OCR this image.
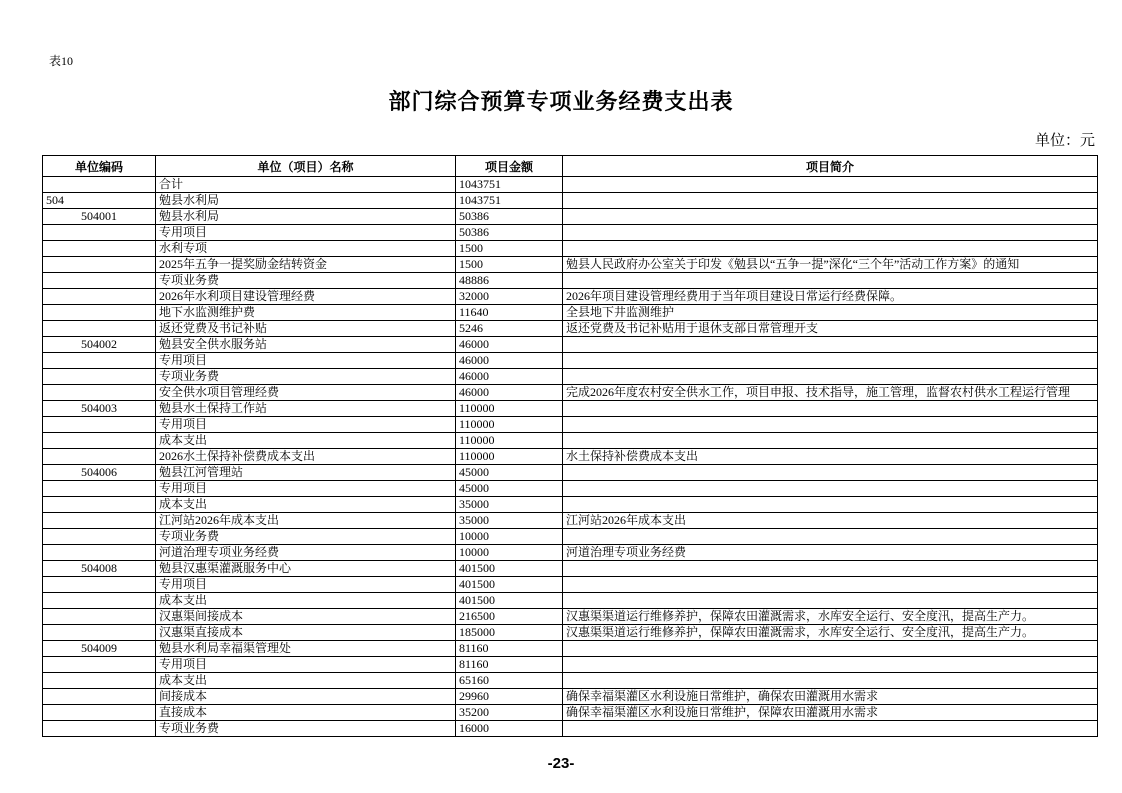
表10
部门综合预算专项业务经费支出表
单位：元
单位编码	单位（项目）名称	项目金额	项目简介
	合计	1043751	
504	勉县水利局	1043751	
504001	勉县水利局	50386	
	专用项目	50386	
	水利专项	1500	
	2025年五争一提奖励金结转资金	1500	勉县人民政府办公室关于印发《勉县以“五争一提”深化“三个年”活动工作方案》的通知
	专项业务费	48886	
	2026年水利项目建设管理经费	32000	2026年项目建设管理经费用于当年项目建设日常运行经费保障。
	地下水监测维护费	11640	全县地下井监测维护
	返还党费及书记补贴	5246	返还党费及书记补贴用于退休支部日常管理开支
504002	勉县安全供水服务站	46000	
	专用项目	46000	
	专项业务费	46000	
	安全供水项目管理经费	46000	完成2026年度农村安全供水工作，项目申报、技术指导，施工管理，监督农村供水工程运行管理
504003	勉县水土保持工作站	110000	
	专用项目	110000	
	成本支出	110000	
	2026水土保持补偿费成本支出	110000	水土保持补偿费成本支出
504006	勉县江河管理站	45000	
	专用项目	45000	
	成本支出	35000	
	江河站2026年成本支出	35000	江河站2026年成本支出
	专项业务费	10000	
	河道治理专项业务经费	10000	河道治理专项业务经费
504008	勉县汉惠渠灌溉服务中心	401500	
	专用项目	401500	
	成本支出	401500	
	汉惠渠间接成本	216500	汉惠渠渠道运行维修养护，保障农田灌溉需求，水库安全运行、安全度汛，提高生产力。
	汉惠渠直接成本	185000	汉惠渠渠道运行维修养护，保障农田灌溉需求，水库安全运行、安全度汛，提高生产力。
504009	勉县水利局幸福渠管理处	81160	
	专用项目	81160	
	成本支出	65160	
	间接成本	29960	确保幸福渠灌区水利设施日常维护，确保农田灌溉用水需求
	直接成本	35200	确保幸福渠灌区水利设施日常维护，保障农田灌溉用水需求
	专项业务费	16000	
-23-
